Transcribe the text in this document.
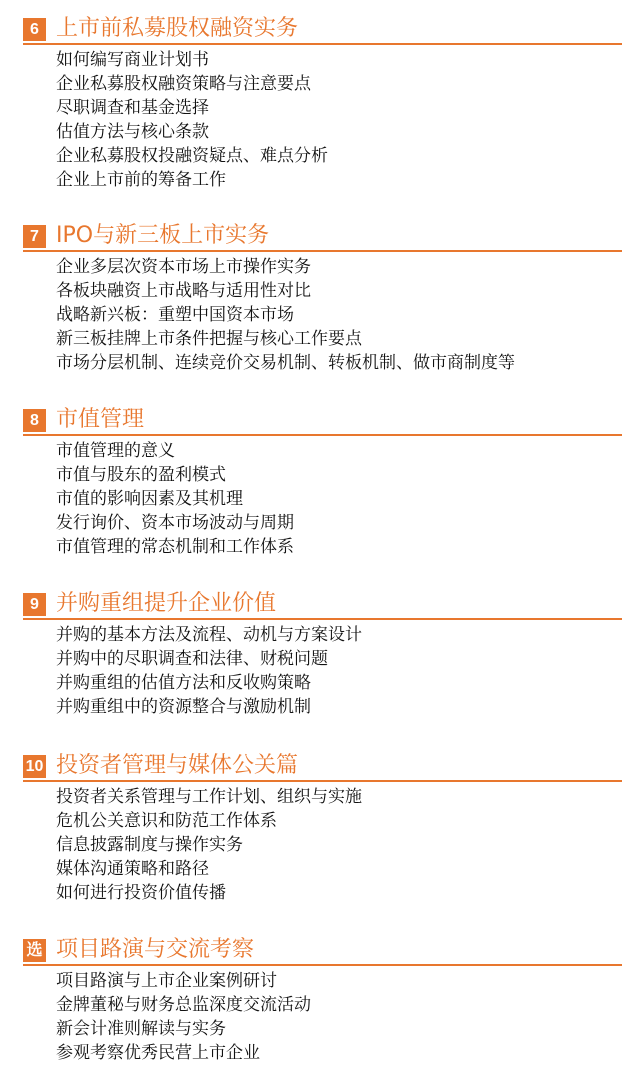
6 上市前私募股权融资实务
如何编写商业计划书
企业私募股权融资策略与注意要点
尽职调查和基金选择
估值方法与核心条款
企业私募股权投融资疑点、难点分析
企业上市前的筹备工作
7 IPO与新三板上市实务
企业多层次资本市场上市操作实务
各板块融资上市战略与适用性对比
战略新兴板：重塑中国资本市场
新三板挂牌上市条件把握与核心工作要点
市场分层机制、连续竞价交易机制、转板机制、做市商制度等
8 市值管理
市值管理的意义
市值与股东的盈利模式
市值的影响因素及其机理
发行询价、资本市场波动与周期
市值管理的常态机制和工作体系
9 并购重组提升企业价值
并购的基本方法及流程、动机与方案设计
并购中的尽职调查和法律、财税问题
并购重组的估值方法和反收购策略
并购重组中的资源整合与激励机制
10 投资者管理与媒体公关篇
投资者关系管理与工作计划、组织与实施
危机公关意识和防范工作体系
信息披露制度与操作实务
媒体沟通策略和路径
如何进行投资价值传播
选 项目路演与交流考察
项目路演与上市企业案例研讨
金牌董秘与财务总监深度交流活动
新会计准则解读与实务
参观考察优秀民营上市企业
